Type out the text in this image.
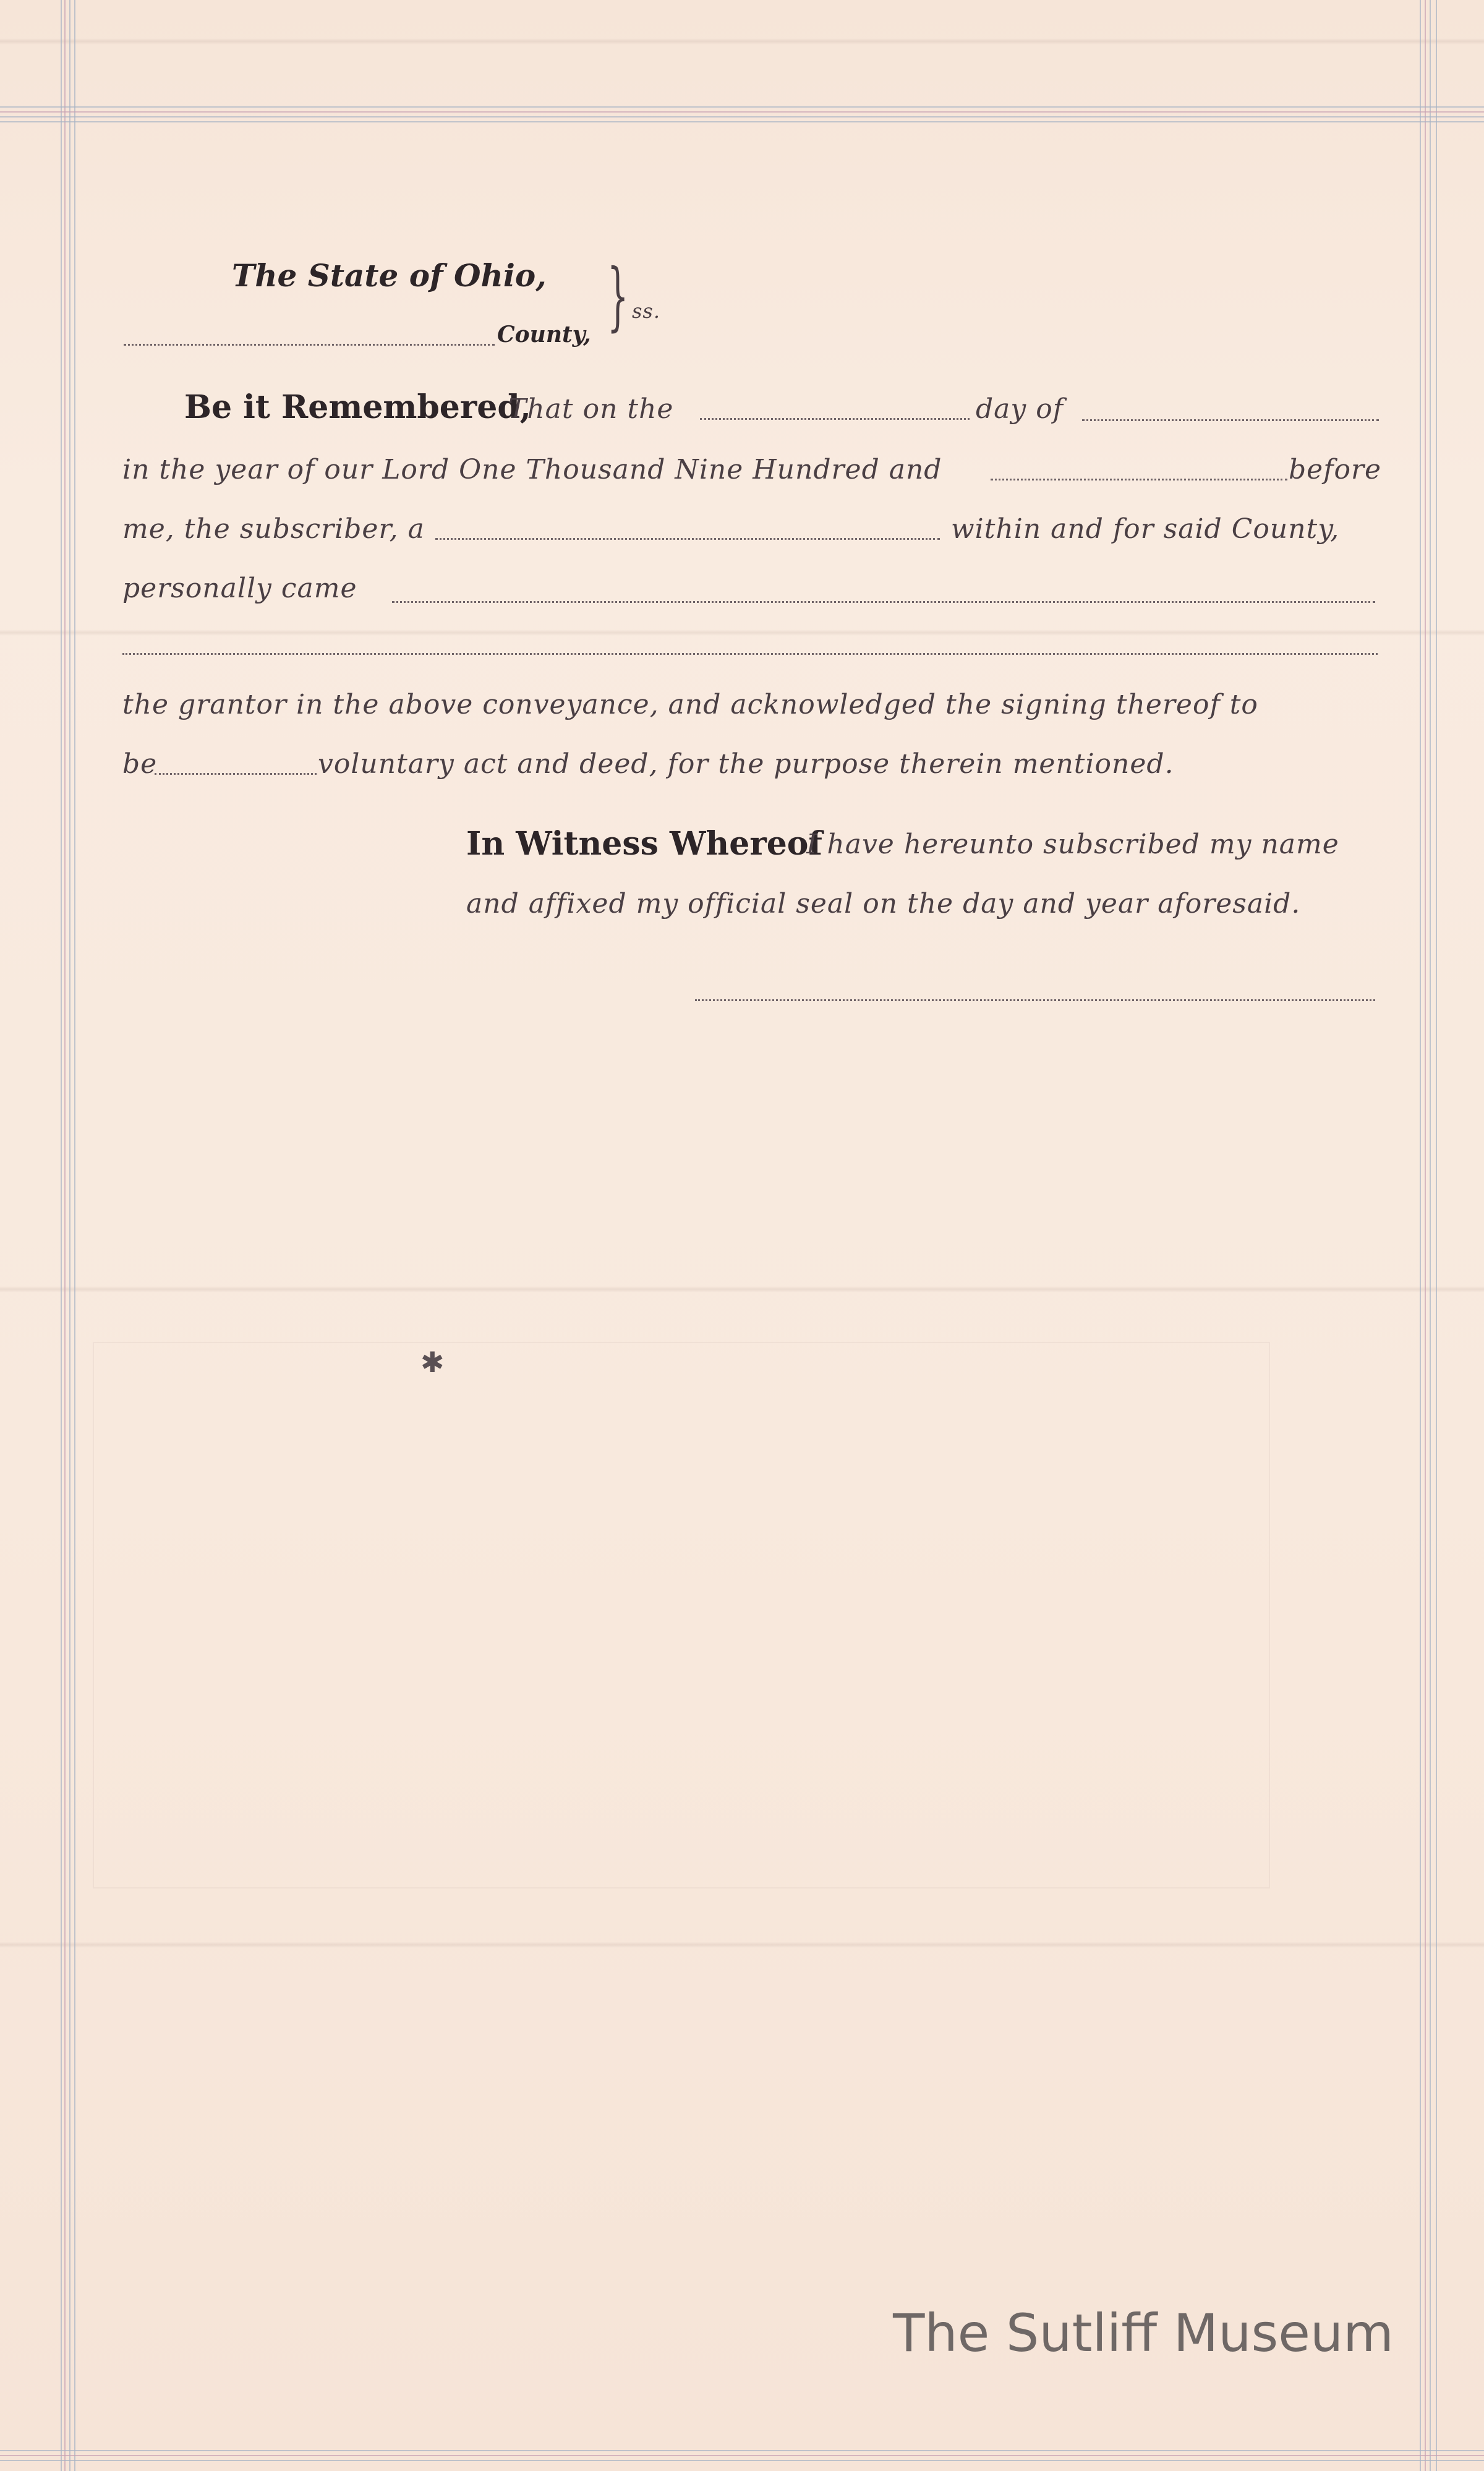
The State of Ohio,
County, } ss.
Be it Remembered,
That on the	day of
in the year of our Lord One Thousand Nine Hundred and	before
me, the subscriber, a	within and for said County,
personally came
the grantor in the above conveyance, and acknowledged the signing thereof to
be	voluntary act and deed, for the purpose therein mentioned.
In Witness Whereof
I have hereunto subscribed my name
and affixed my official seal on the day and year aforesaid.
✱
The Sutliff Museum
